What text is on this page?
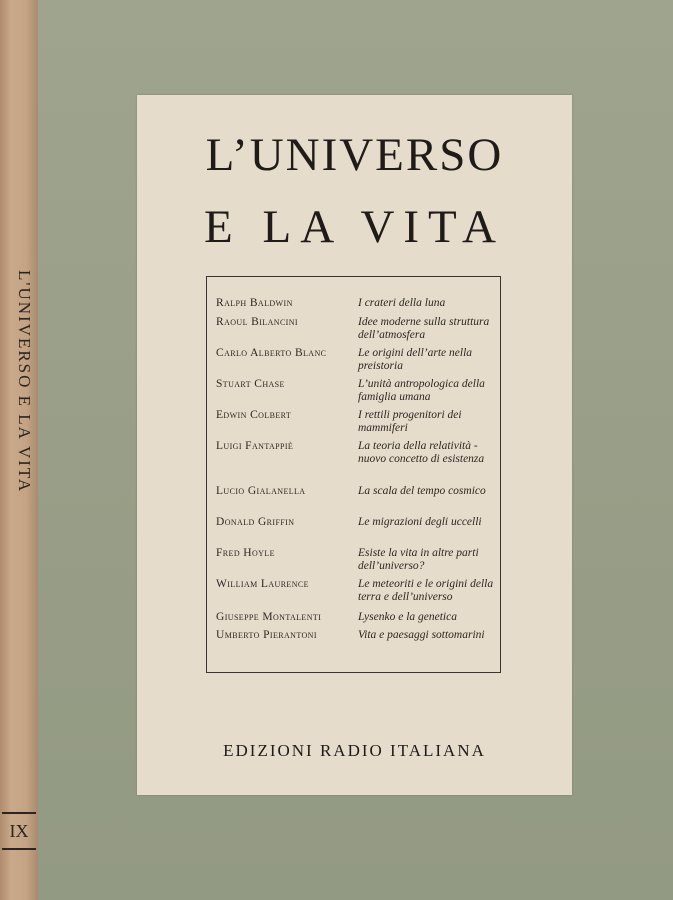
L'UNIVERSO E LA VITA
IX
L’UNIVERSO
E LA VITA
Ralph Baldwin	I crateri della luna
Raoul Bilancini	Idee moderne sulla struttura dell’atmosfera
Carlo Alberto Blanc	Le origini dell’arte nella preistoria
Stuart Chase	L’unità antropologica della famiglia umana
Edwin Colbert	I rettili progenitori dei mammiferi
Luigi Fantappiè	La teoria della relatività - nuovo concetto di esistenza
Lucio Gialanella	La scala del tempo cosmico
Donald Griffin	Le migrazioni degli uccelli
Fred Hoyle	Esiste la vita in altre parti dell’universo?
William Laurence	Le meteoriti e le origini della terra e dell’universo
Giuseppe Montalenti	Lysenko e la genetica
Umberto Pierantoni	Vita e paesaggi sottomarini
EDIZIONI RADIO ITALIANA
